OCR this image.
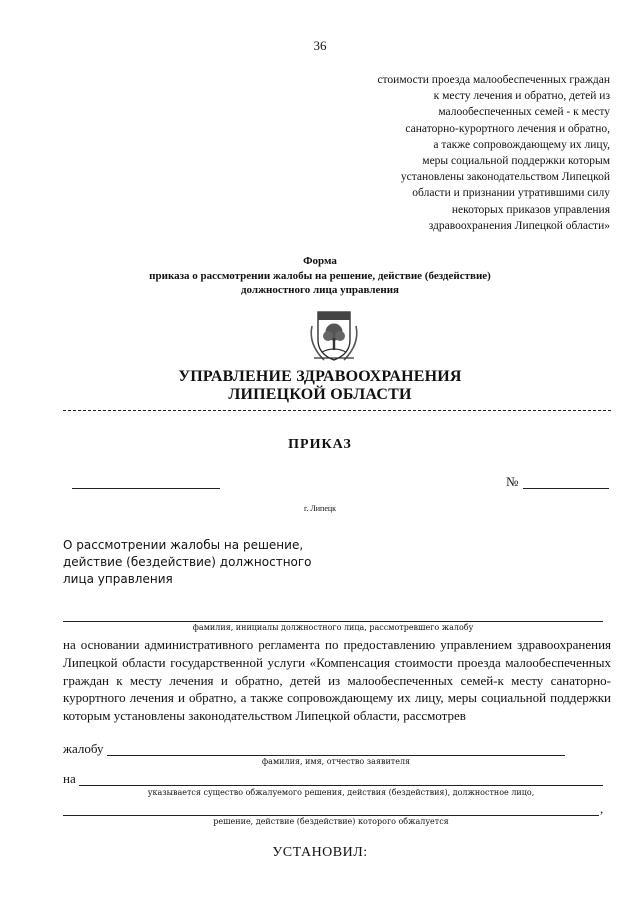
36
стоимости проезда малообеспеченных граждан
к месту лечения и обратно, детей из
малообеспеченных семей - к месту
санаторно-курортного лечения и обратно,
а также сопровождающему их лицу,
меры социальной поддержки которым
установлены законодательством Липецкой
области и признании утратившими силу
некоторых приказов управления
здравоохранения Липецкой области»
Форма
приказа о рассмотрении жалобы на решение, действие (бездействие)
должностного лица управления
УПРАВЛЕНИЕ ЗДРАВООХРАНЕНИЯ
ЛИПЕЦКОЙ ОБЛАСТИ
ПРИКАЗ
№
г. Липецк
О рассмотрении жалобы на решение,
действие (бездействие) должностного
лица управления
фамилия, инициалы должностного лица, рассмотревшего жалобу

на основании административного регламента по предоставлению управлением здравоохранения Липецкой области государственной услуги «Компенсация стоимости проезда малообеспеченных граждан к месту лечения и обратно, детей из малообеспеченных семей-к месту санаторно-курортного лечения и обратно, а также сопровождающему их лицу, меры социальной поддержки которым установлены законодательством Липецкой области, рассмотрев

жалобу
фамилия, имя, отчество заявителя
на
указывается существо обжалуемого решения, действия (бездействия), должностное лицо,
,
решение, действие (бездействие) которого обжалуется
УСТАНОВИЛ:
